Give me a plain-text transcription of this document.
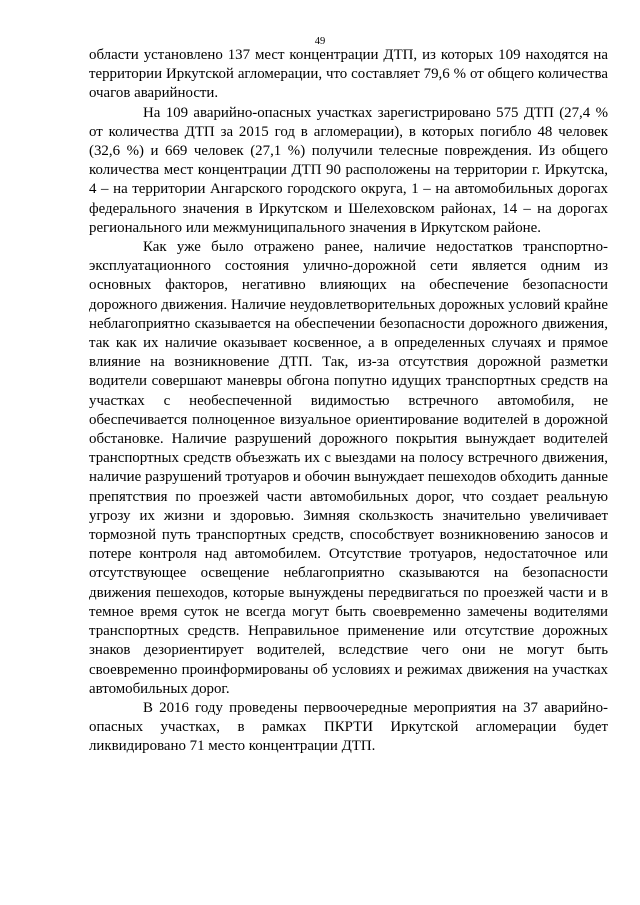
49

области установлено 137 мест концентрации ДТП, из которых 109 находятся на территории Иркутской агломерации, что составляет 79,6 % от общего количества очагов аварийности.

На 109 аварийно-опасных участках зарегистрировано 575 ДТП (27,4 % от количества ДТП за 2015 год в агломерации), в которых погибло 48 человек (32,6 %) и 669 человек (27,1 %) получили телесные повреждения. Из общего количества мест концентрации ДТП 90 расположены на территории г. Иркутска, 4 – на территории Ангарского городского округа, 1 – на автомобильных дорогах федерального значения в Иркутском и Шелеховском районах, 14 – на дорогах регионального или межмуниципального значения в Иркутском районе.

Как уже было отражено ранее, наличие недостатков транспортно-эксплуатационного состояния улично-дорожной сети является одним из основных факторов, негативно влияющих на обеспечение безопасности дорожного движения. Наличие неудовлетворительных дорожных условий крайне неблагоприятно сказывается на обеспечении безопасности дорожного движения, так как их наличие оказывает косвенное, а в определенных случаях и прямое влияние на возникновение ДТП. Так, из-за отсутствия дорожной разметки водители совершают маневры обгона попутно идущих транспортных средств на участках с необеспеченной видимостью встречного автомобиля, не обеспечивается полноценное визуальное ориентирование водителей в дорожной обстановке. Наличие разрушений дорожного покрытия вынуждает водителей транспортных средств объезжать их с выездами на полосу встречного движения, наличие разрушений тротуаров и обочин вынуждает пешеходов обходить данные препятствия по проезжей части автомобильных дорог, что создает реальную угрозу их жизни и здоровью. Зимняя скользкость значительно увеличивает тормозной путь транспортных средств, способствует возникновению заносов и потере контроля над автомобилем. Отсутствие тротуаров, недостаточное или отсутствующее освещение неблагоприятно сказываются на безопасности движения пешеходов, которые вынуждены передвигаться по проезжей части и в темное время суток не всегда могут быть своевременно замечены водителями транспортных средств. Неправильное применение или отсутствие дорожных знаков дезориентирует водителей, вследствие чего они не могут быть своевременно проинформированы об условиях и режимах движения на участках автомобильных дорог.

В 2016 году проведены первоочередные мероприятия на 37 аварийно-опасных участках, в рамках ПКРТИ Иркутской агломерации будет ликвидировано 71 место концентрации ДТП.
